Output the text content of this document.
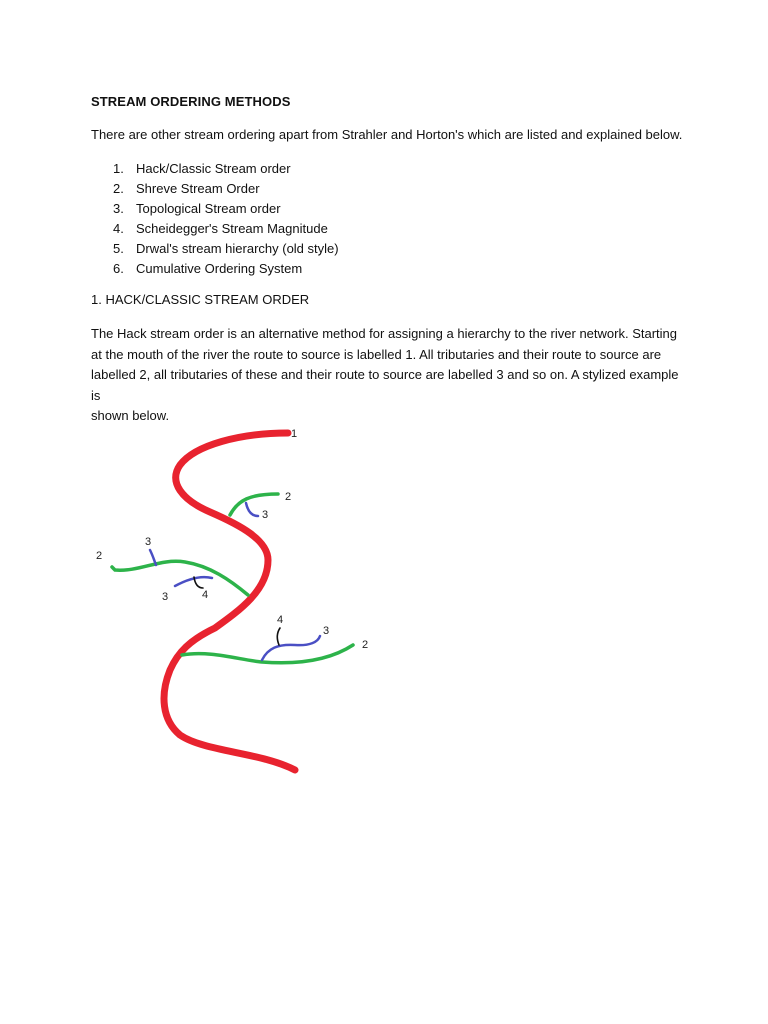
STREAM ORDERING METHODS
There are other stream ordering apart from Strahler and Horton's which are listed and explained below.
1. Hack/Classic Stream order
2. Shreve Stream Order
3. Topological Stream order
4. Scheidegger's Stream Magnitude
5. Drwal's stream hierarchy (old style)
6. Cumulative Ordering System
1. HACK/CLASSIC STREAM ORDER
The Hack stream order is an alternative method for assigning a hierarchy to the river network. Starting
at the mouth of the river the route to source is labelled 1. All tributaries and their route to source are
labelled 2, all tributaries of these and their route to source are labelled 3 and so on. A stylized example is
shown below.
1
2
3
2
3
3	4
2
3
4
